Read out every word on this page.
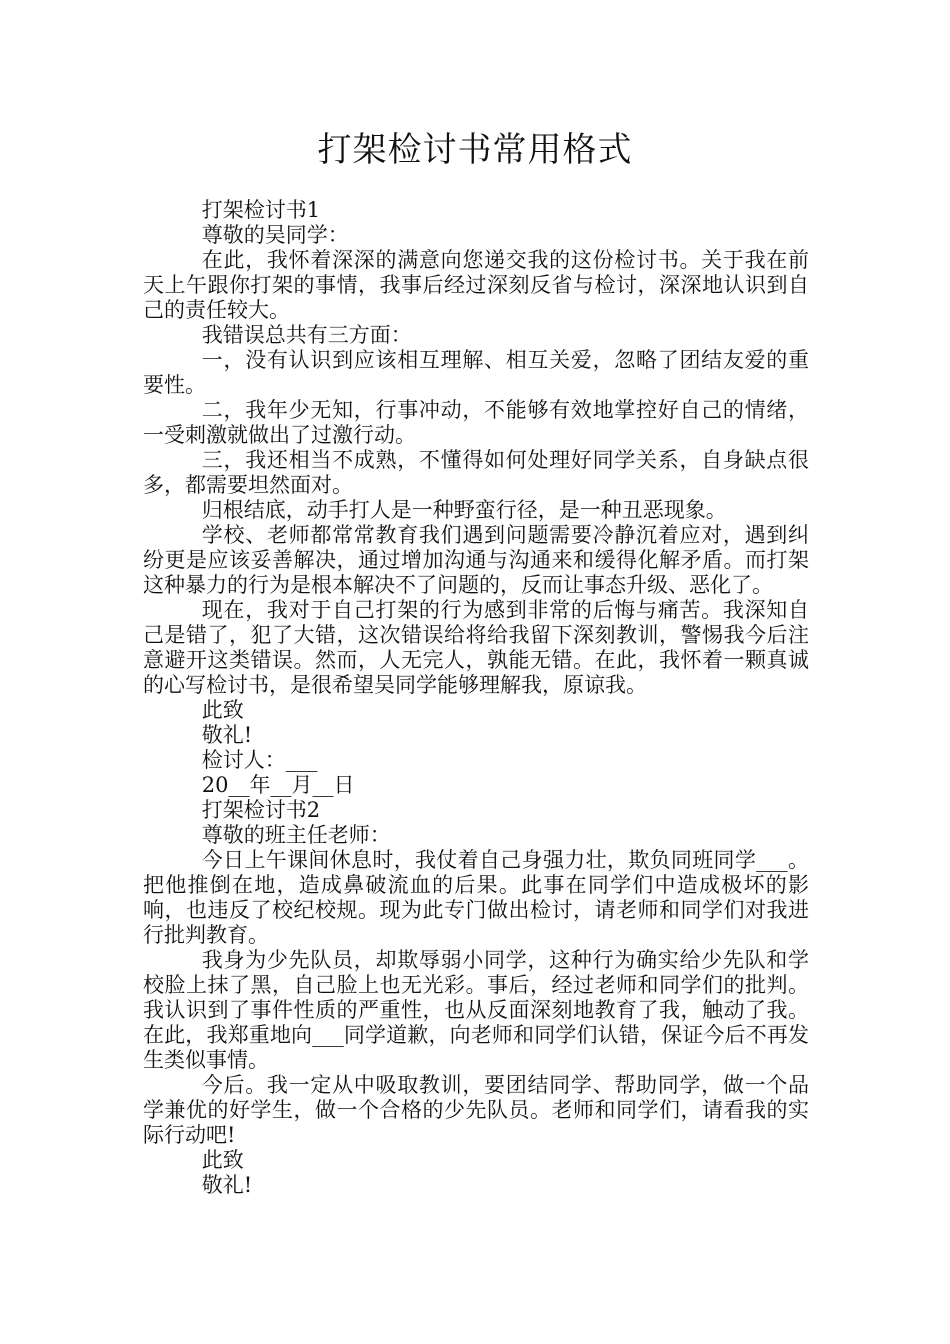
打架检讨书常用格式

打架检讨书1

尊敬的吴同学：

在此，我怀着深深的满意向您递交我的这份检讨书。关于我在前天上午跟你打架的事情，我事后经过深刻反省与检讨，深深地认识到自己的责任较大。

我错误总共有三方面：

一，没有认识到应该相互理解、相互关爱，忽略了团结友爱的重要性。

二，我年少无知，行事冲动，不能够有效地掌控好自己的情绪，一受刺激就做出了过激行动。

三，我还相当不成熟，不懂得如何处理好同学关系，自身缺点很多，都需要坦然面对。

归根结底，动手打人是一种野蛮行径，是一种丑恶现象。

学校、老师都常常教育我们遇到问题需要冷静沉着应对，遇到纠纷更是应该妥善解决，通过增加沟通与沟通来和缓得化解矛盾。而打架这种暴力的行为是根本解决不了问题的，反而让事态升级、恶化了。

现在，我对于自己打架的行为感到非常的后悔与痛苦。我深知自己是错了，犯了大错，这次错误给将给我留下深刻教训，警惕我今后注意避开这类错误。然而，人无完人，孰能无错。在此，我怀着一颗真诚的心写检讨书，是很希望吴同学能够理解我，原谅我。

此致

敬礼!

检讨人：___

20__年__月__日

打架检讨书2

尊敬的班主任老师：

今日上午课间休息时，我仗着自己身强力壮，欺负同班同学___。把他推倒在地，造成鼻破流血的后果。此事在同学们中造成极坏的影响，也违反了校纪校规。现为此专门做出检讨，请老师和同学们对我进行批判教育。

我身为少先队员，却欺辱弱小同学，这种行为确实给少先队和学校脸上抹了黑，自己脸上也无光彩。事后，经过老师和同学们的批判。我认识到了事件性质的严重性，也从反面深刻地教育了我，触动了我。在此，我郑重地向___同学道歉，向老师和同学们认错，保证今后不再发生类似事情。

今后。我一定从中吸取教训，要团结同学、帮助同学，做一个品学兼优的好学生，做一个合格的少先队员。老师和同学们，请看我的实际行动吧!

此致

敬礼!
